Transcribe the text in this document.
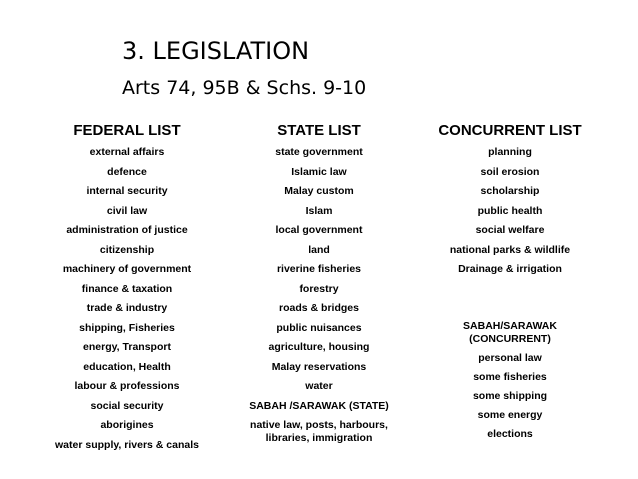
3. LEGISLATION
Arts 74, 95B & Schs. 9-10
FEDERAL LIST
external affairs
defence
internal security
civil law
administration of justice
citizenship
machinery of government
finance & taxation
trade & industry
shipping, Fisheries
energy, Transport
education, Health
labour & professions
social security
aborigines
water supply, rivers & canals
STATE LIST
state government
Islamic law
Malay custom
Islam
local government
land
riverine fisheries
forestry
roads & bridges
public nuisances
agriculture, housing
Malay reservations
water
SABAH /SARAWAK (STATE)
native law, posts, harbours, libraries, immigration
CONCURRENT LIST
planning
soil erosion
scholarship
public health
social welfare
national parks & wildlife
Drainage & irrigation
SABAH/SARAWAK (CONCURRENT)
personal law
some fisheries
some shipping
some energy
elections
